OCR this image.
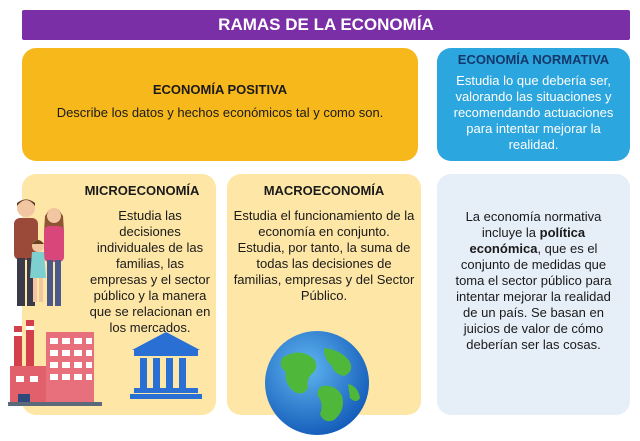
RAMAS DE LA ECONOMÍA
ECONOMÍA POSITIVA
Describe los datos y hechos económicos tal y como son.
ECONOMÍA NORMATIVA
Estudia lo que debería ser, valorando las situaciones y recomendando actuaciones para intentar mejorar la realidad.
MICROECONOMÍA
Estudia las decisiones individuales de las familias, las empresas y el sector público y la manera que se relacionan en los mercados.
MACROECONOMÍA
Estudia el funcionamiento de la economía en conjunto. Estudia, por tanto, la suma de todas las decisiones de familias, empresas y del Sector Público.
La economía normativa incluye la política económica, que es el conjunto de medidas que toma el sector público para intentar mejorar la realidad de un país. Se basan en juicios de valor de cómo deberían ser las cosas.
